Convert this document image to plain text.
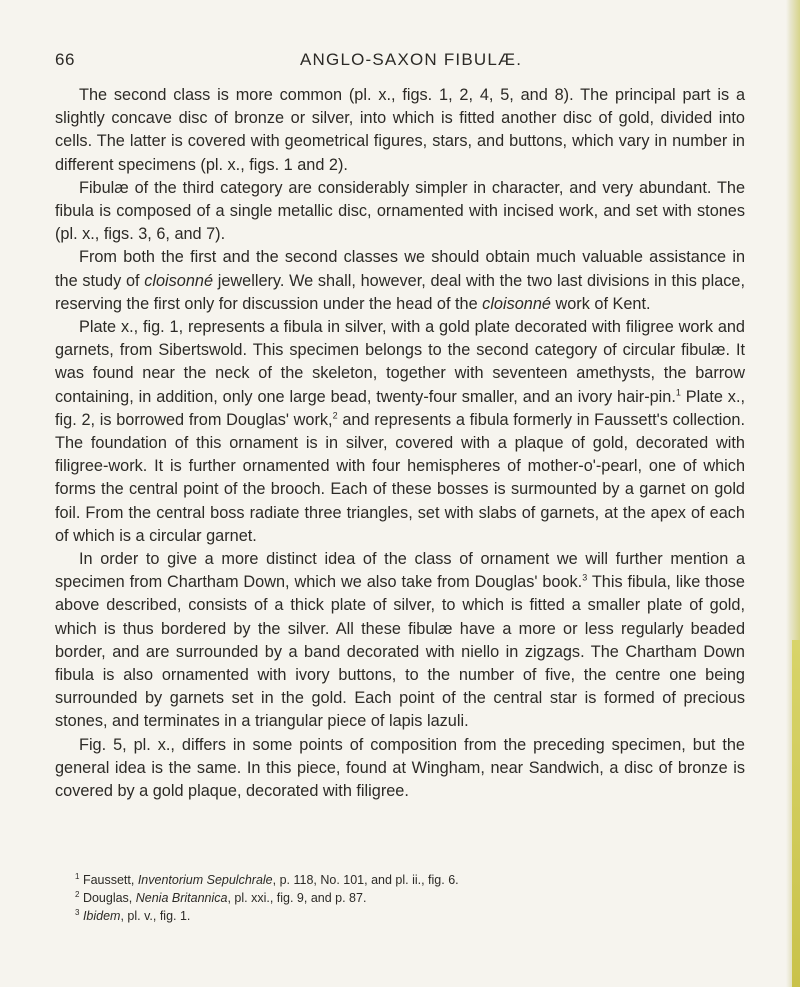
66	ANGLO-SAXON FIBULÆ.

The second class is more common (pl. x., figs. 1, 2, 4, 5, and 8). The principal part is a slightly concave disc of bronze or silver, into which is fitted another disc of gold, divided into cells. The latter is covered with geometrical figures, stars, and buttons, which vary in number in different specimens (pl. x., figs. 1 and 2).

Fibulæ of the third category are considerably simpler in character, and very abundant. The fibula is composed of a single metallic disc, ornamented with incised work, and set with stones (pl. x., figs. 3, 6, and 7).

From both the first and the second classes we should obtain much valuable assistance in the study of cloisonné jewellery. We shall, however, deal with the two last divisions in this place, reserving the first only for discussion under the head of the cloisonné work of Kent.

Plate x., fig. 1, represents a fibula in silver, with a gold plate decorated with filigree work and garnets, from Sibertswold. This specimen belongs to the second category of circular fibulæ. It was found near the neck of the skeleton, together with seventeen amethysts, the barrow containing, in addition, only one large bead, twenty-four smaller, and an ivory hair-pin.$^1$ Plate x., fig. 2, is borrowed from Douglas' work,$^2$ and represents a fibula formerly in Faussett's collection. The foundation of this ornament is in silver, covered with a plaque of gold, decorated with filigree-work. It is further ornamented with four hemispheres of mother-o'-pearl, one of which forms the central point of the brooch. Each of these bosses is surmounted by a garnet on gold foil. From the central boss radiate three triangles, set with slabs of garnets, at the apex of each of which is a circular garnet.

In order to give a more distinct idea of the class of ornament we will further mention a specimen from Chartham Down, which we also take from Douglas' book.$^3$ This fibula, like those above described, consists of a thick plate of silver, to which is fitted a smaller plate of gold, which is thus bordered by the silver. All these fibulæ have a more or less regularly beaded border, and are surrounded by a band decorated with niello in zigzags. The Chartham Down fibula is also ornamented with ivory buttons, to the number of five, the centre one being surrounded by garnets set in the gold. Each point of the central star is formed of precious stones, and terminates in a triangular piece of lapis lazuli.

Fig. 5, pl. x., differs in some points of composition from the preceding specimen, but the general idea is the same. In this piece, found at Wingham, near Sandwich, a disc of bronze is covered by a gold plaque, decorated with filigree.

$^1$ Faussett, Inventorium Sepulchrale, p. 118, No. 101, and pl. ii., fig. 6.
$^2$ Douglas, Nenia Britannica, pl. xxi., fig. 9, and p. 87.
$^3$ Ibidem, pl. v., fig. 1.
